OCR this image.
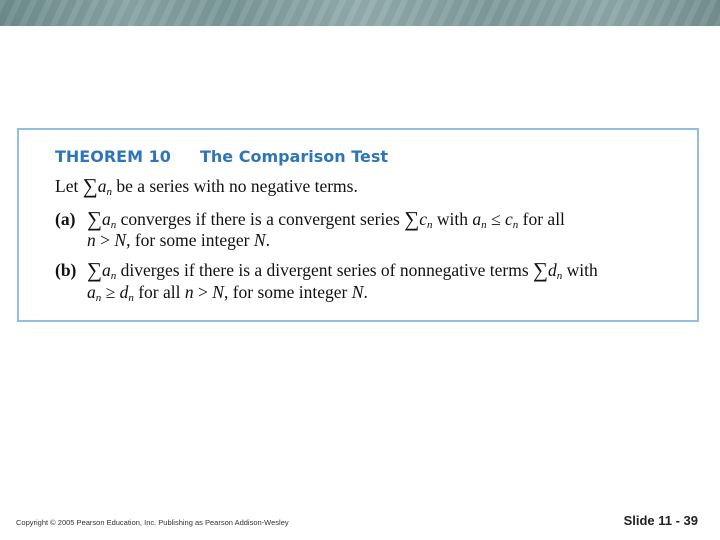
THEOREM 10 The Comparison Test
Let $\sum a_n$ be a series with no negative terms.
(a) $\sum a_n$ converges if there is a convergent series $\sum c_n$ with $a_n \le c_n$ for all
n > N, for some integer N.
(b) $\sum a_n$ diverges if there is a divergent series of nonnegative terms $\sum d_n$ with
$a_n \ge d_n$ for all n > N, for some integer N.
Copyright © 2005 Pearson Education, Inc. Publishing as Pearson Addison-Wesley	Slide 11 - 39
